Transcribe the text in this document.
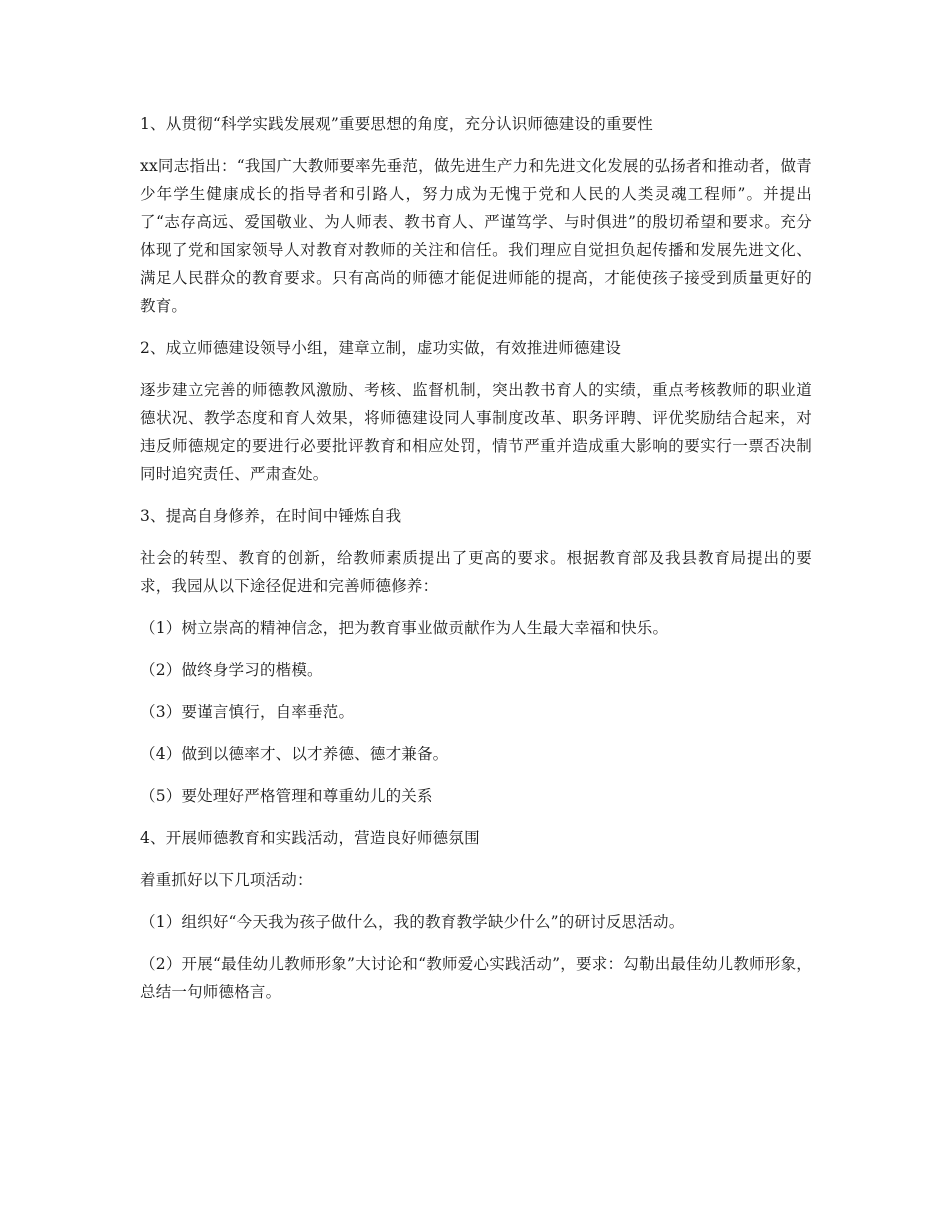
1、从贯彻“科学实践发展观”重要思想的角度，充分认识师德建设的重要性

xx同志指出：“我国广大教师要率先垂范，做先进生产力和先进文化发展的弘扬者和推动者，做青少年学生健康成长的指导者和引路人，努力成为无愧于党和人民的人类灵魂工程师”。并提出了“志存高远、爱国敬业、为人师表、教书育人、严谨笃学、与时俱进”的殷切希望和要求。充分体现了党和国家领导人对教育对教师的关注和信任。我们理应自觉担负起传播和发展先进文化、满足人民群众的教育要求。只有高尚的师德才能促进师能的提高，才能使孩子接受到质量更好的教育。

2、成立师德建设领导小组，建章立制，虚功实做，有效推进师德建设

逐步建立完善的师德教风激励、考核、监督机制，突出教书育人的实绩，重点考核教师的职业道德状况、教学态度和育人效果，将师德建设同人事制度改革、职务评聘、评优奖励结合起来，对违反师德规定的要进行必要批评教育和相应处罚，情节严重并造成重大影响的要实行一票否决制同时追究责任、严肃查处。

3、提高自身修养，在时间中锤炼自我

社会的转型、教育的创新，给教师素质提出了更高的要求。根据教育部及我县教育局提出的要求，我园从以下途径促进和完善师德修养：

（1）树立崇高的精神信念，把为教育事业做贡献作为人生最大幸福和快乐。

（2）做终身学习的楷模。

（3）要谨言慎行，自率垂范。

（4）做到以德率才、以才养德、德才兼备。

（5）要处理好严格管理和尊重幼儿的关系

4、开展师德教育和实践活动，营造良好师德氛围

着重抓好以下几项活动：

（1）组织好“今天我为孩子做什么，我的教育教学缺少什么”的研讨反思活动。

（2）开展“最佳幼儿教师形象”大讨论和“教师爱心实践活动”，要求：勾勒出最佳幼儿教师形象，总结一句师德格言。
